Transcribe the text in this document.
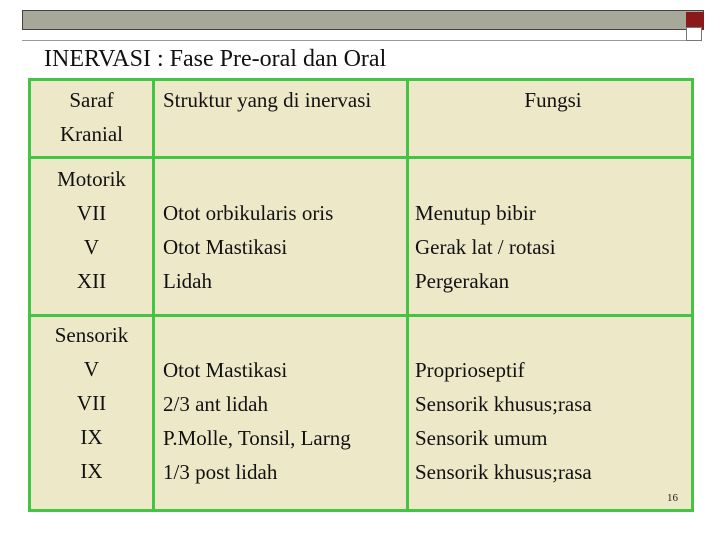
INERVASI : Fase Pre-oral dan Oral
Saraf
Kranial
Struktur yang di inervasi	Fungsi
Motorik
VII
V
XII
Otot orbikularis oris
Otot Mastikasi
Lidah
Menutup bibir
Gerak lat / rotasi
Pergerakan
Sensorik
V
VII
IX
IX
Otot Mastikasi
2/3 ant lidah
P.Molle, Tonsil, Larng
1/3 post lidah
Proprioseptif
Sensorik khusus;rasa
Sensorik umum
Sensorik khusus;rasa
16
